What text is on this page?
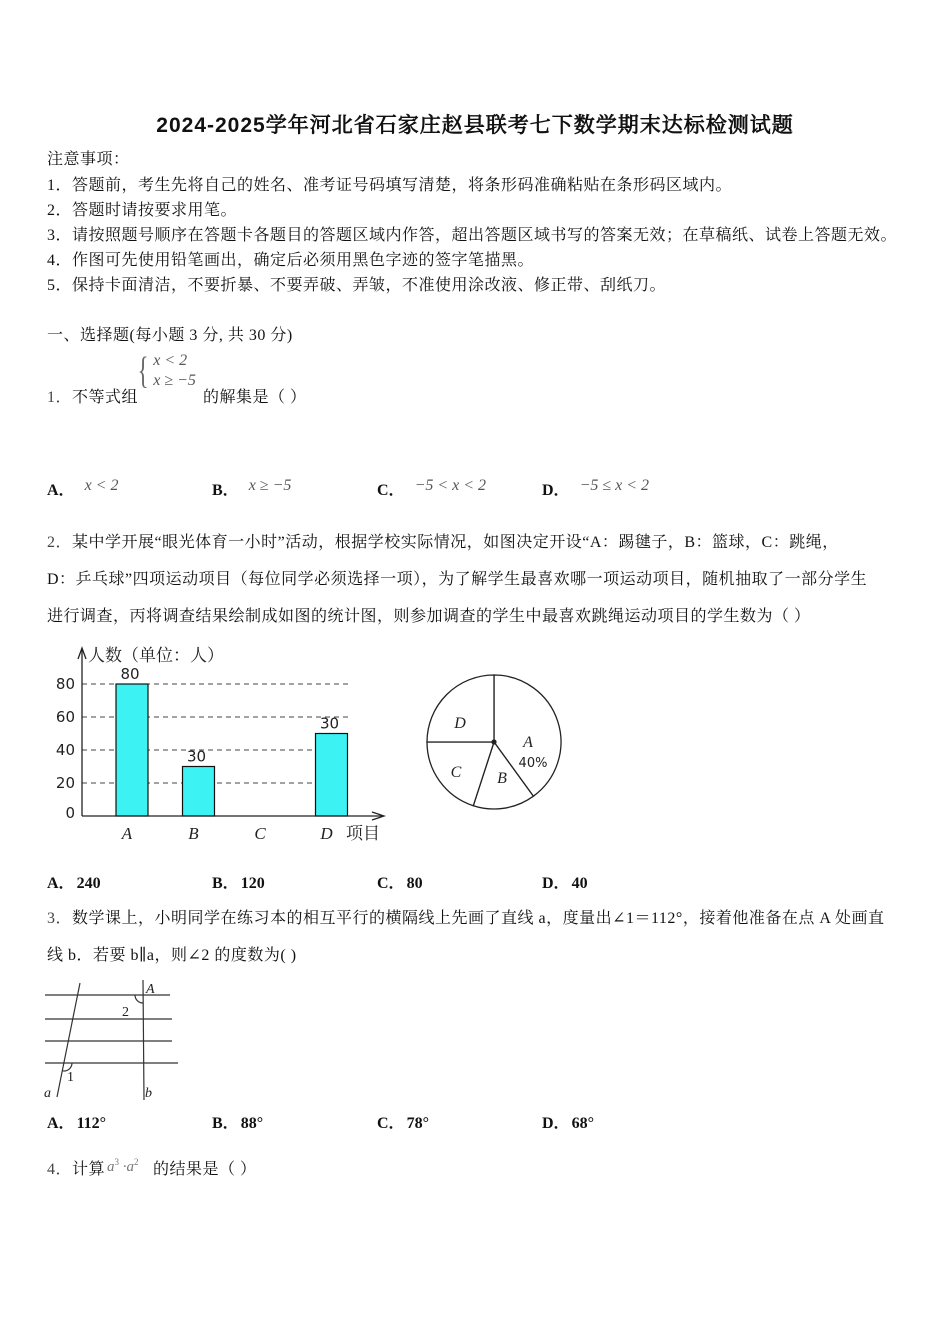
2024-2025学年河北省石家庄赵县联考七下数学期末达标检测试题
注意事项：
1．答题前，考生先将自己的姓名、准考证号码填写清楚，将条形码准确粘贴在条形码区域内。
2．答题时请按要求用笔。
3．请按照题号顺序在答题卡各题目的答题区域内作答，超出答题区域书写的答案无效；在草稿纸、试卷上答题无效。
4．作图可先使用铅笔画出，确定后必须用黑色字迹的签字笔描黑。
5．保持卡面清洁，不要折暴、不要弄破、弄皱，不准使用涂改液、修正带、刮纸刀。
一、选择题(每小题 3 分, 共 30 分)
1．不等式组
{ x < 2
x ≥ −5
的解集是（ ）
A． x < 2	B． x ≥ −5	C． −5 < x < 2	D． −5 ≤ x < 2
2．某中学开展“眼光体育一小时”活动，根据学校实际情况，如图决定开设“A：踢毽子，B：篮球，C：跳绳，
D：乒乓球”四项运动项目（每位同学必须选择一项），为了解学生最喜欢哪一项运动项目，随机抽取了一部分学生
进行调查，丙将调查结果绘制成如图的统计图，则参加调查的学生中最喜欢跳绳运动项目的学生数为（ ）
0
20
40
60
80
80
A
30
B	C
30
D
人数（单位：人）
项目
A
40%
B
C
D
A． 240	B． 120	C． 80	D． 40
3．数学课上，小明同学在练习本的相互平行的横隔线上先画了直线 a，度量出∠1＝112°，接着他准备在点 A 处画直
线 b．若要 b∥a，则∠2 的度数为( )
A
2
1
a	b
A． 112°	B． 88°	C． 78°	D． 68°
4．计算 $a^3 \cdot a^2$ 的结果是（ ）
